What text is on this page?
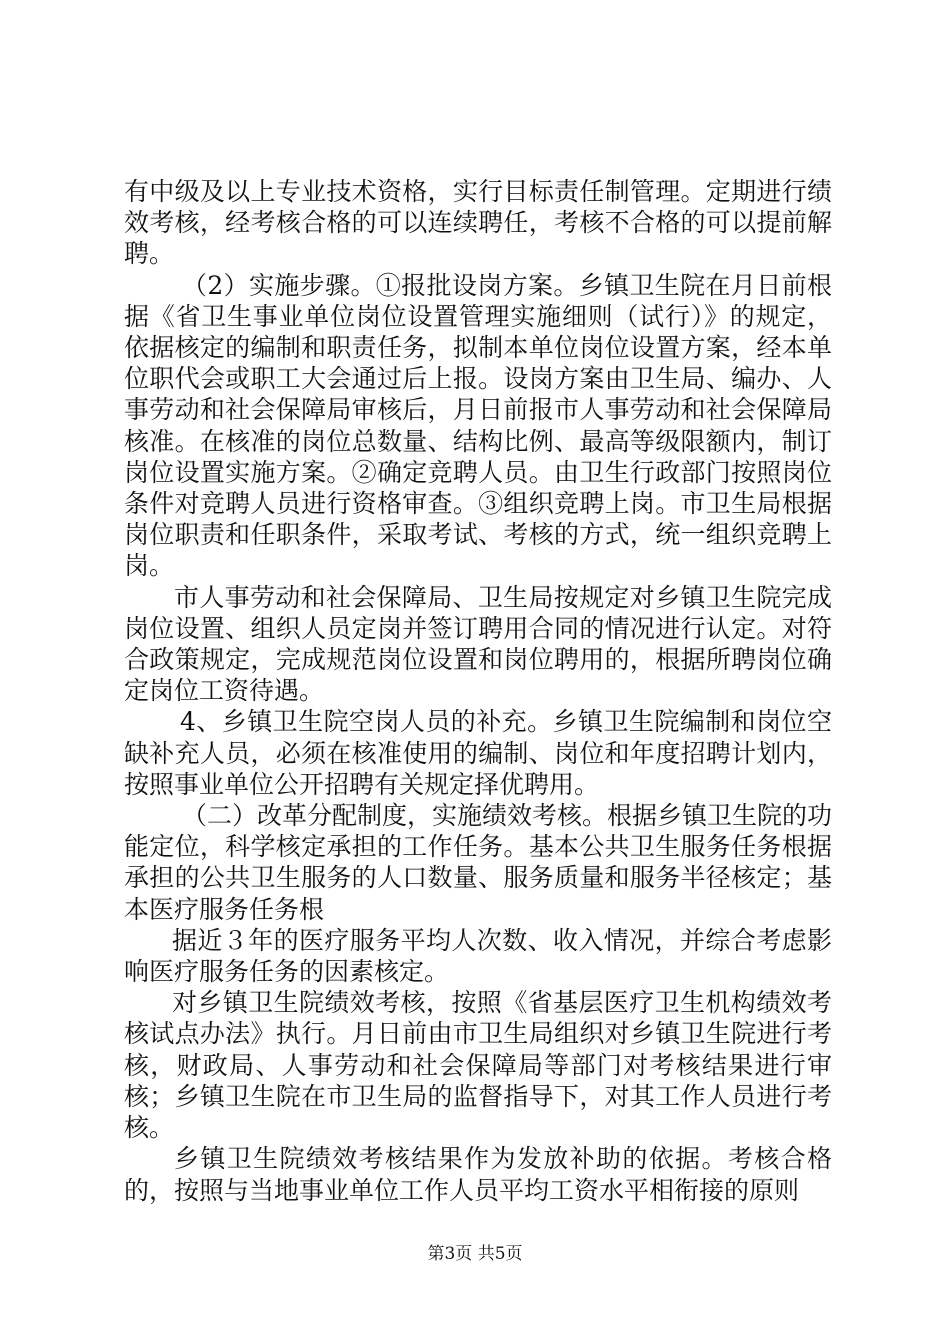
有中级及以上专业技术资格，实行目标责任制管理。定期进行绩效考核，经考核合格的可以连续聘任，考核不合格的可以提前解聘。

（2）实施步骤。①报批设岗方案。乡镇卫生院在月日前根据《省卫生事业单位岗位设置管理实施细则（试行）》的规定，依据核定的编制和职责任务，拟制本单位岗位设置方案，经本单位职代会或职工大会通过后上报。设岗方案由卫生局、编办、人事劳动和社会保障局审核后，月日前报市人事劳动和社会保障局核准。在核准的岗位总数量、结构比例、最高等级限额内，制订岗位设置实施方案。②确定竞聘人员。由卫生行政部门按照岗位条件对竞聘人员进行资格审查。③组织竞聘上岗。市卫生局根据岗位职责和任职条件，采取考试、考核的方式，统一组织竞聘上岗。

市人事劳动和社会保障局、卫生局按规定对乡镇卫生院完成岗位设置、组织人员定岗并签订聘用合同的情况进行认定。对符合政策规定，完成规范岗位设置和岗位聘用的，根据所聘岗位确定岗位工资待遇。

4、乡镇卫生院空岗人员的补充。乡镇卫生院编制和岗位空缺补充人员，必须在核准使用的编制、岗位和年度招聘计划内，按照事业单位公开招聘有关规定择优聘用。

（二）改革分配制度，实施绩效考核。根据乡镇卫生院的功能定位，科学核定承担的工作任务。基本公共卫生服务任务根据承担的公共卫生服务的人口数量、服务质量和服务半径核定；基本医疗服务任务根

据近３年的医疗服务平均人次数、收入情况，并综合考虑影响医疗服务任务的因素核定。

对乡镇卫生院绩效考核，按照《省基层医疗卫生机构绩效考核试点办法》执行。月日前由市卫生局组织对乡镇卫生院进行考核，财政局、人事劳动和社会保障局等部门对考核结果进行审核；乡镇卫生院在市卫生局的监督指导下，对其工作人员进行考核。

乡镇卫生院绩效考核结果作为发放补助的依据。考核合格的，按照与当地事业单位工作人员平均工资水平相衔接的原则

第3页 共5页
